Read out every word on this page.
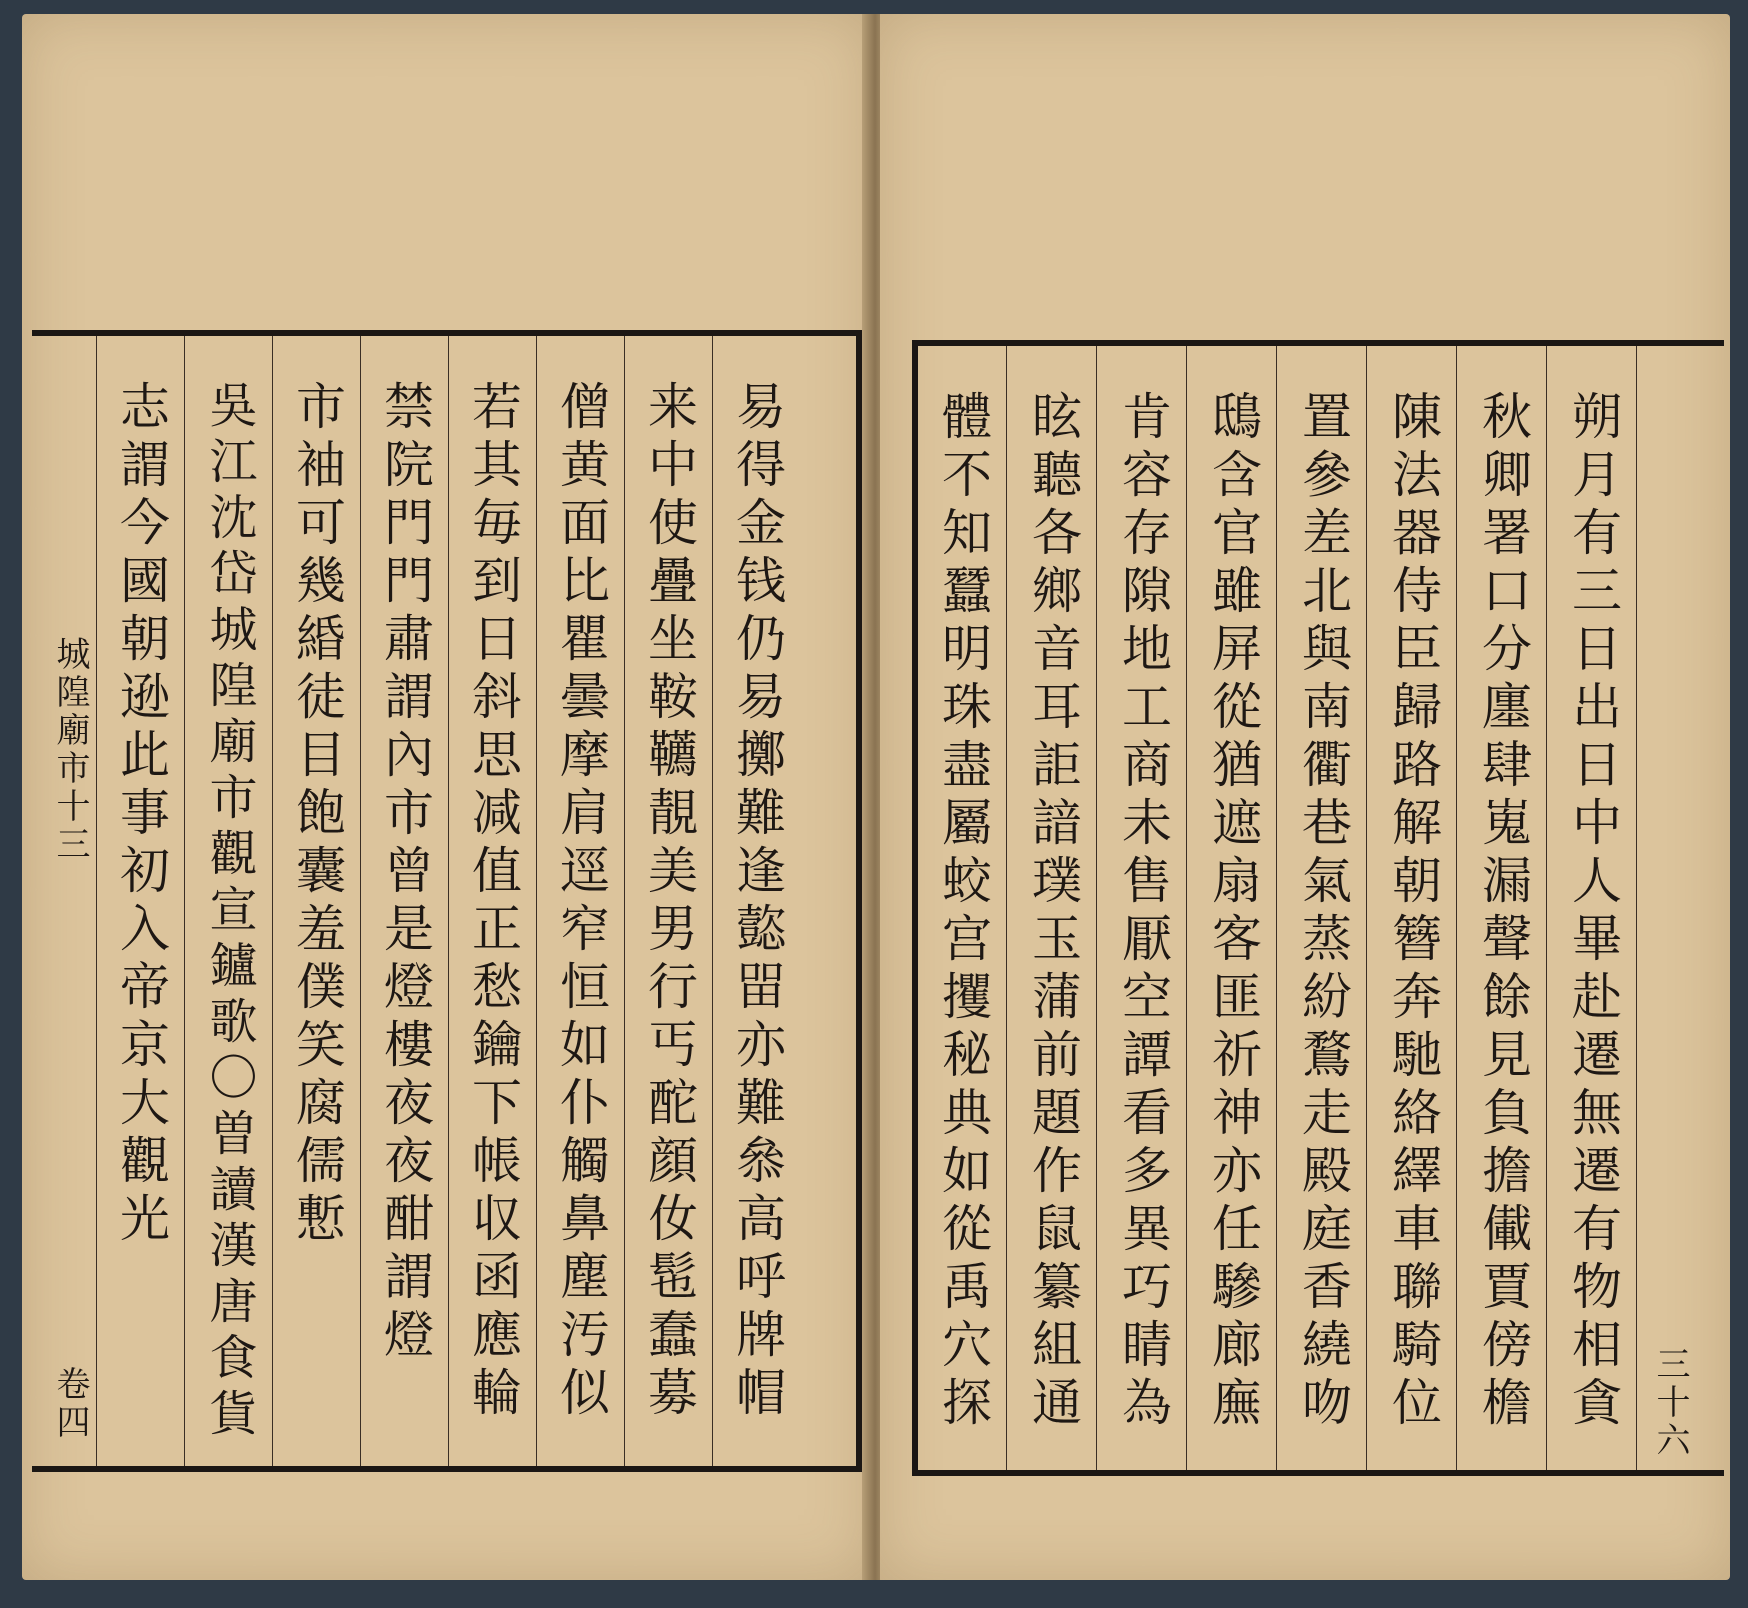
城隍廟市十三
卷四	易得金钱仍易擲難逢㦤㽞亦難叅高呼牌帽
来中使疊坐鞍韉靚美男行丐酡顔㚢髢蠢募
僧黄面比瞿曇摩肩逕窄恒如仆觸鼻塵汚似
若其毎到日斜思减值正愁鑰下帳収函應輪
禁院門門肅謂內市曾是燈樓夜夜酣謂燈
市袖可幾緍徒目飽囊羞僕笑腐儒慙
吳江沈岱城隍廟市觀宣鑪歌〇曽讀漢唐食貨
志謂今國朝逊此事初入帝京大觀光	朔月有三日出日中人畢赴遷無遷有物相貪
秋卿署口分廛肆嵬漏聲餘見負擔儎賈傍檐
陳法器侍臣歸路解朝簪奔馳絡繹車聯騎位
置參差北與南衢巷氣蒸紛鶩走殿庭香繞吻
鴟含官雖屏從猶遮扇客匪祈神亦任驂廊廡
肯容存隙地工商未售厭空譚看多異巧睛為
眩聽各鄉音耳詎諳璞玉蒲前題作鼠纂組通
體不知蠶明珠盡屬蛟宫攫秘典如從禹穴探	三十六
